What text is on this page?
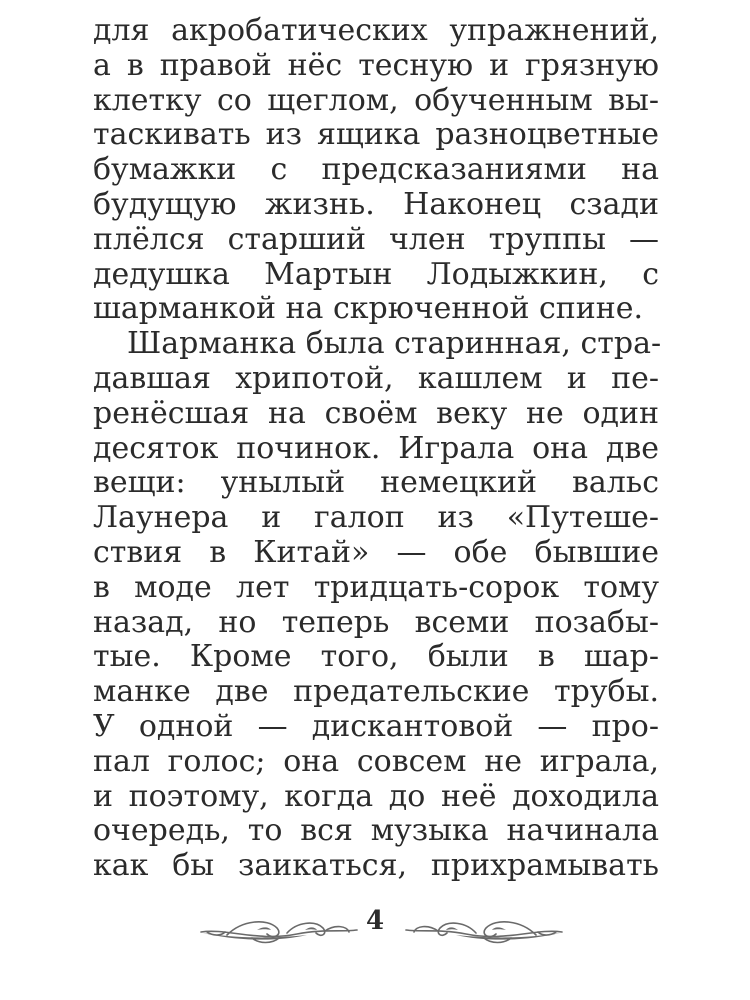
для акробатических упражнений,
а в правой нёс тесную и грязную
клетку со щеглом, обученным вы-
таскивать из ящика разноцветные
бумажки с предсказаниями на
будущую жизнь. Наконец сзади
плёлся старший член труппы —
дедушка Мартын Лодыжкин, с
шарманкой на скрюченной спине.
Шарманка была старинная, стра-
давшая хрипотой, кашлем и пе-
ренёсшая на своём веку не один
десяток починок. Играла она две
вещи: унылый немецкий вальс
Лаунера и галоп из «Путеше-
ствия в Китай» — обе бывшие
в моде лет тридцать-сорок тому
назад, но теперь всеми позабы-
тые. Кроме того, были в шар-
манке две предательские трубы.
У одной — дискантовой — про-
пал голос; она совсем не играла,
и поэтому, когда до неё доходила
очередь, то вся музыка начинала
как бы заикаться, прихрамывать
4
